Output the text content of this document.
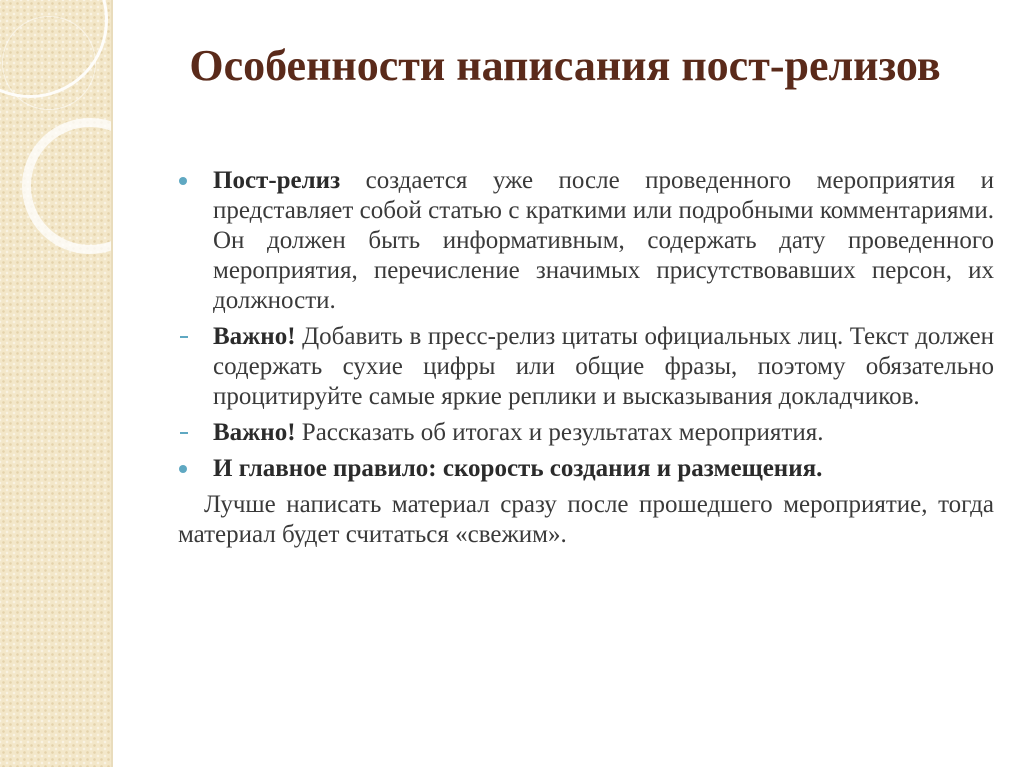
Особенности написания пост-релизов
Пост-релиз создается уже после проведенного мероприятия и представляет собой статью с краткими или подробными комментариями. Он должен быть информативным, содержать дату проведенного мероприятия, перечисление значимых присутствовавших персон, их должности.
Важно! Добавить в пресс-релиз цитаты официальных лиц. Текст должен содержать сухие цифры или общие фразы, поэтому обязательно процитируйте самые яркие реплики и высказывания докладчиков.
Важно! Рассказать об итогах и результатах мероприятия.
И главное правило: скорость создания и размещения.

Лучше написать материал сразу после прошедшего мероприятие, тогда материал будет считаться «свежим».
